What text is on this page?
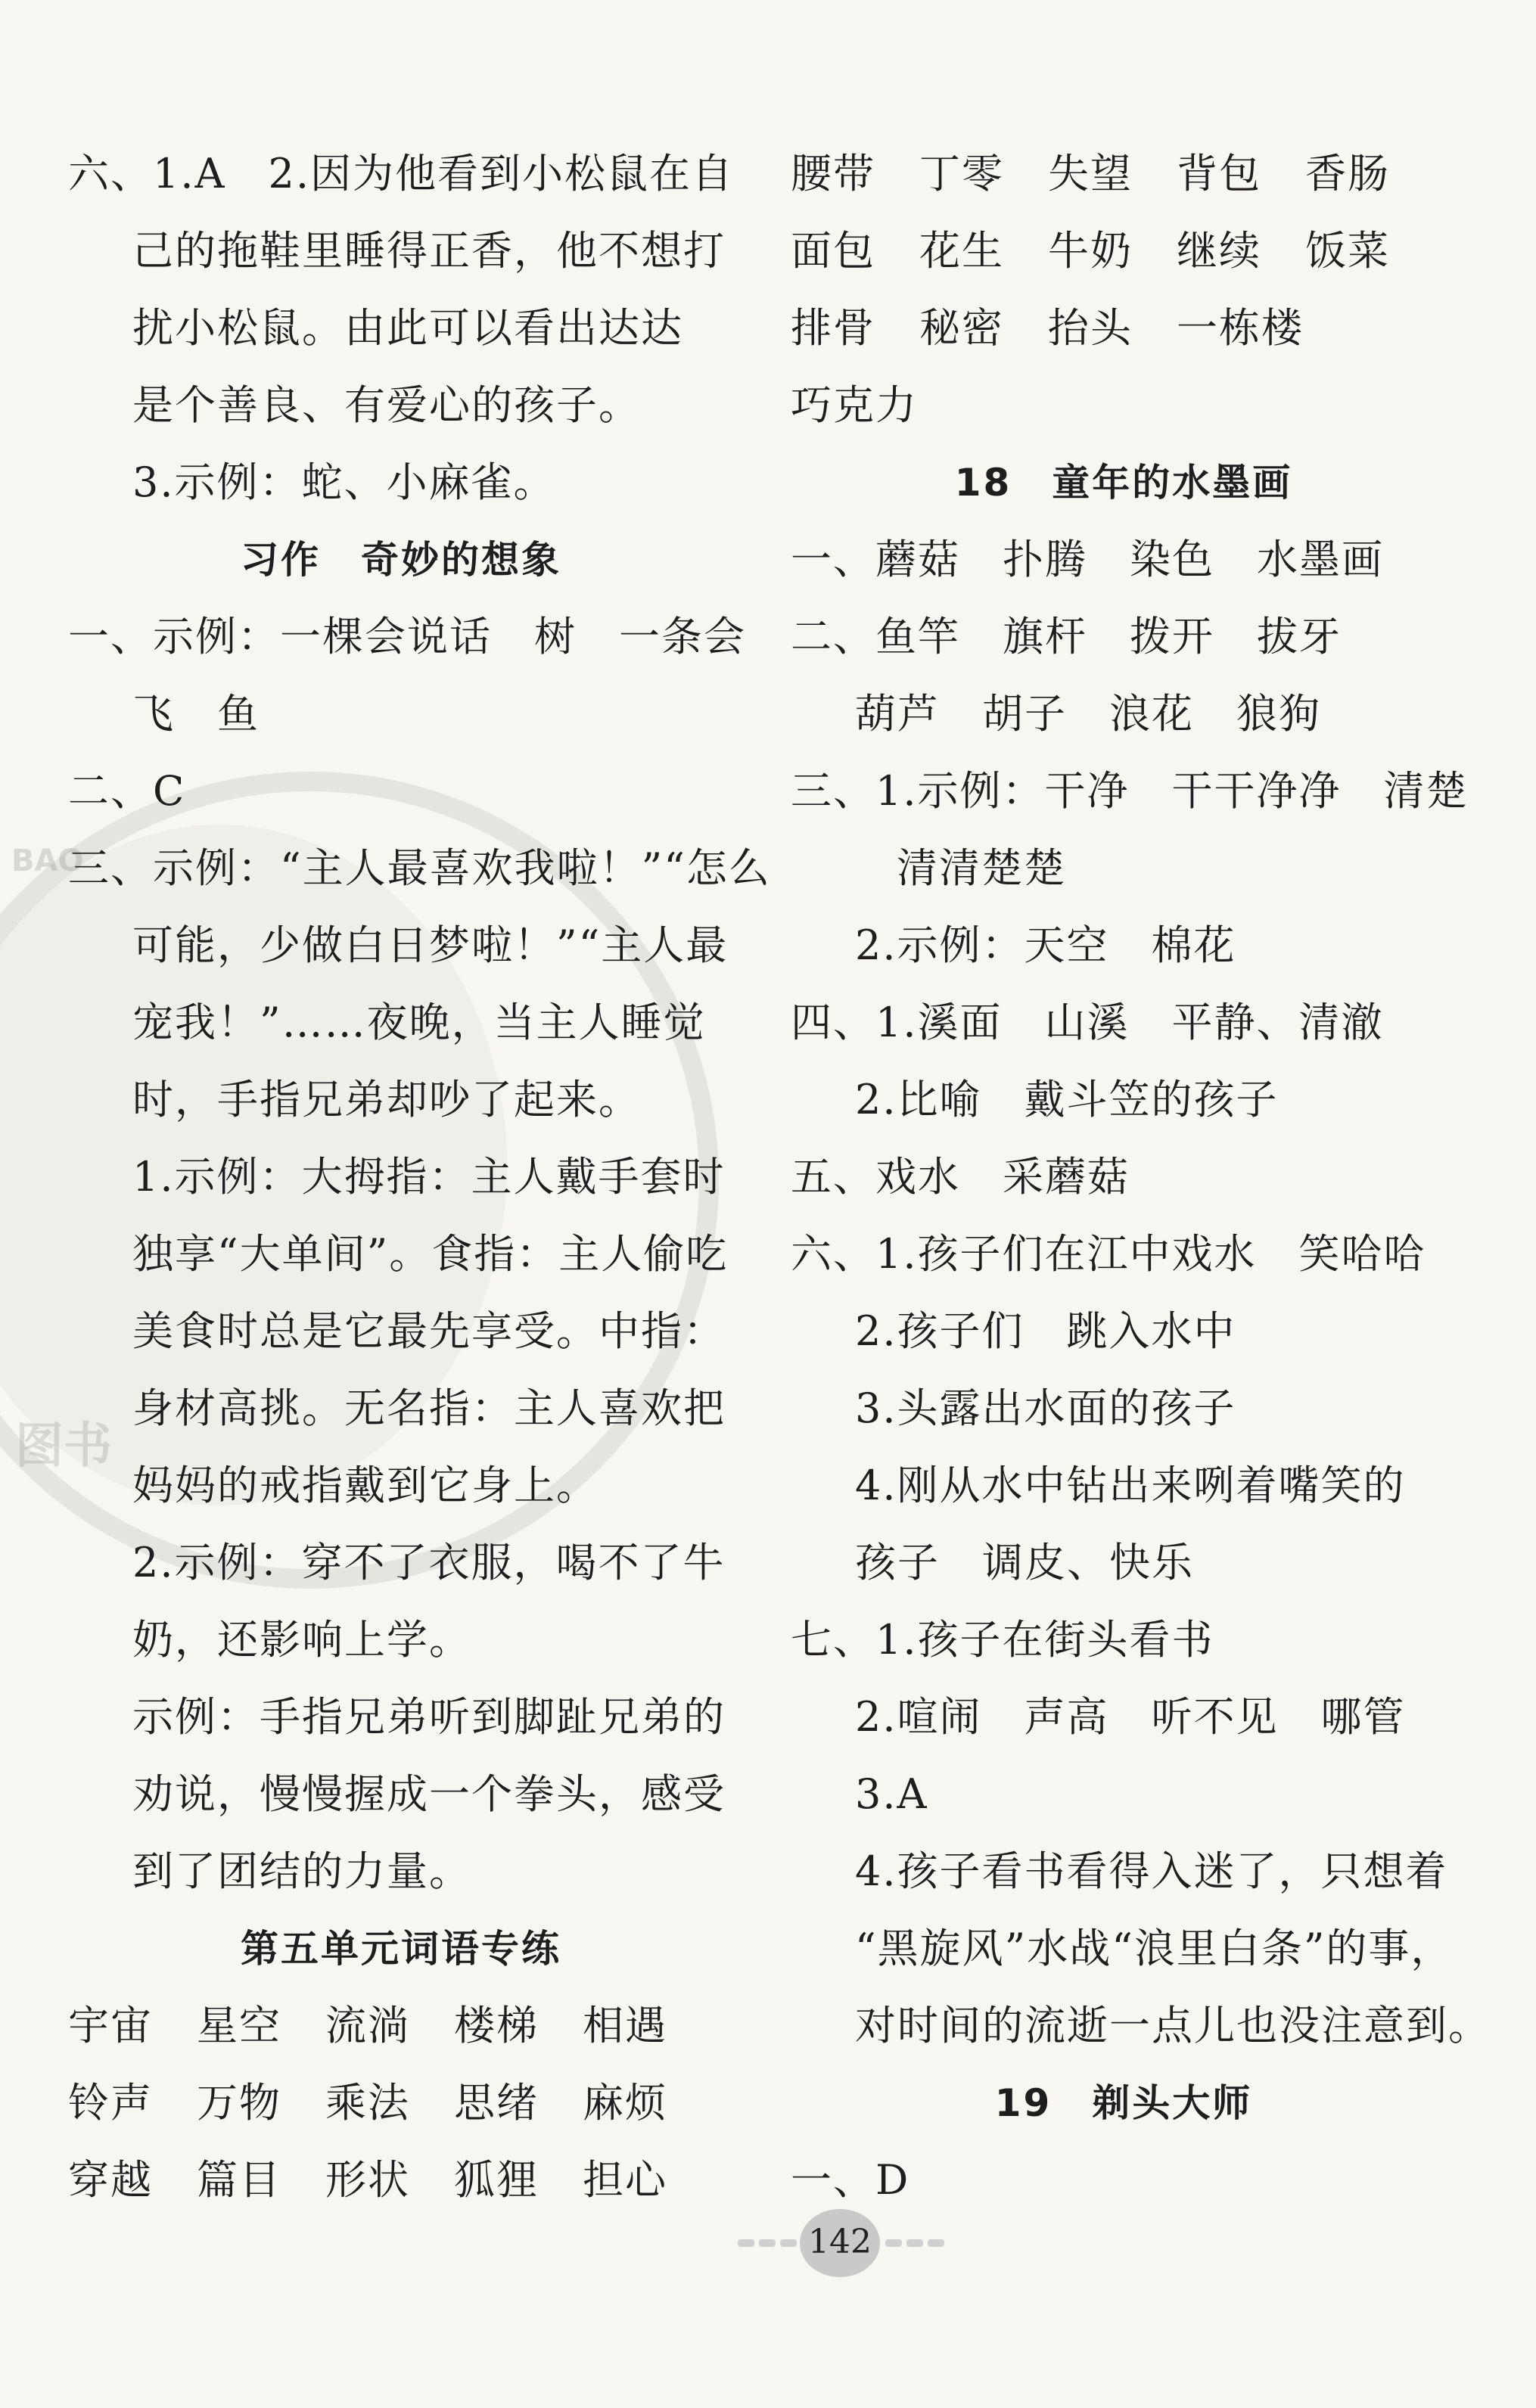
BAO
图书
六、1.A　2.因为他看到小松鼠在自
己的拖鞋里睡得正香，他不想打
扰小松鼠。由此可以看出达达
是个善良、有爱心的孩子。
3.示例：蛇、小麻雀。
习作　奇妙的想象
一、示例：一棵会说话　树　一条会
飞　鱼
二、C
三、示例：“主人最喜欢我啦！”“怎么
可能，少做白日梦啦！”“主人最
宠我！”……夜晚，当主人睡觉
时，手指兄弟却吵了起来。
1.示例：大拇指：主人戴手套时
独享“大单间”。食指：主人偷吃
美食时总是它最先享受。中指：
身材高挑。无名指：主人喜欢把
妈妈的戒指戴到它身上。
2.示例：穿不了衣服，喝不了牛
奶，还影响上学。
示例：手指兄弟听到脚趾兄弟的
劝说，慢慢握成一个拳头，感受
到了团结的力量。
第五单元词语专练
宇宙	星空	流淌	楼梯	相遇
铃声	万物	乘法	思绪	麻烦
穿越	篇目	形状	狐狸	担心
腰带	丁零	失望	背包	香肠
面包	花生	牛奶	继续	饭菜
排骨	秘密	抬头	一栋楼
巧克力
18　童年的水墨画
一、蘑菇　扑腾　染色　水墨画
二、鱼竿　旗杆　拨开　拔牙
葫芦　胡子　浪花　狼狗
三、1.示例：干净　干干净净　清楚
清清楚楚
2.示例：天空　棉花
四、1.溪面　山溪　平静、清澈
2.比喻　戴斗笠的孩子
五、戏水　采蘑菇
六、1.孩子们在江中戏水　笑哈哈
2.孩子们　跳入水中
3.头露出水面的孩子
4.刚从水中钻出来咧着嘴笑的
孩子　调皮、快乐
七、1.孩子在街头看书
2.喧闹　声高　听不见　哪管
3.A
4.孩子看书看得入迷了，只想着
“黑旋风”水战“浪里白条”的事，
对时间的流逝一点儿也没注意到。
19　剃头大师
一、D
142
